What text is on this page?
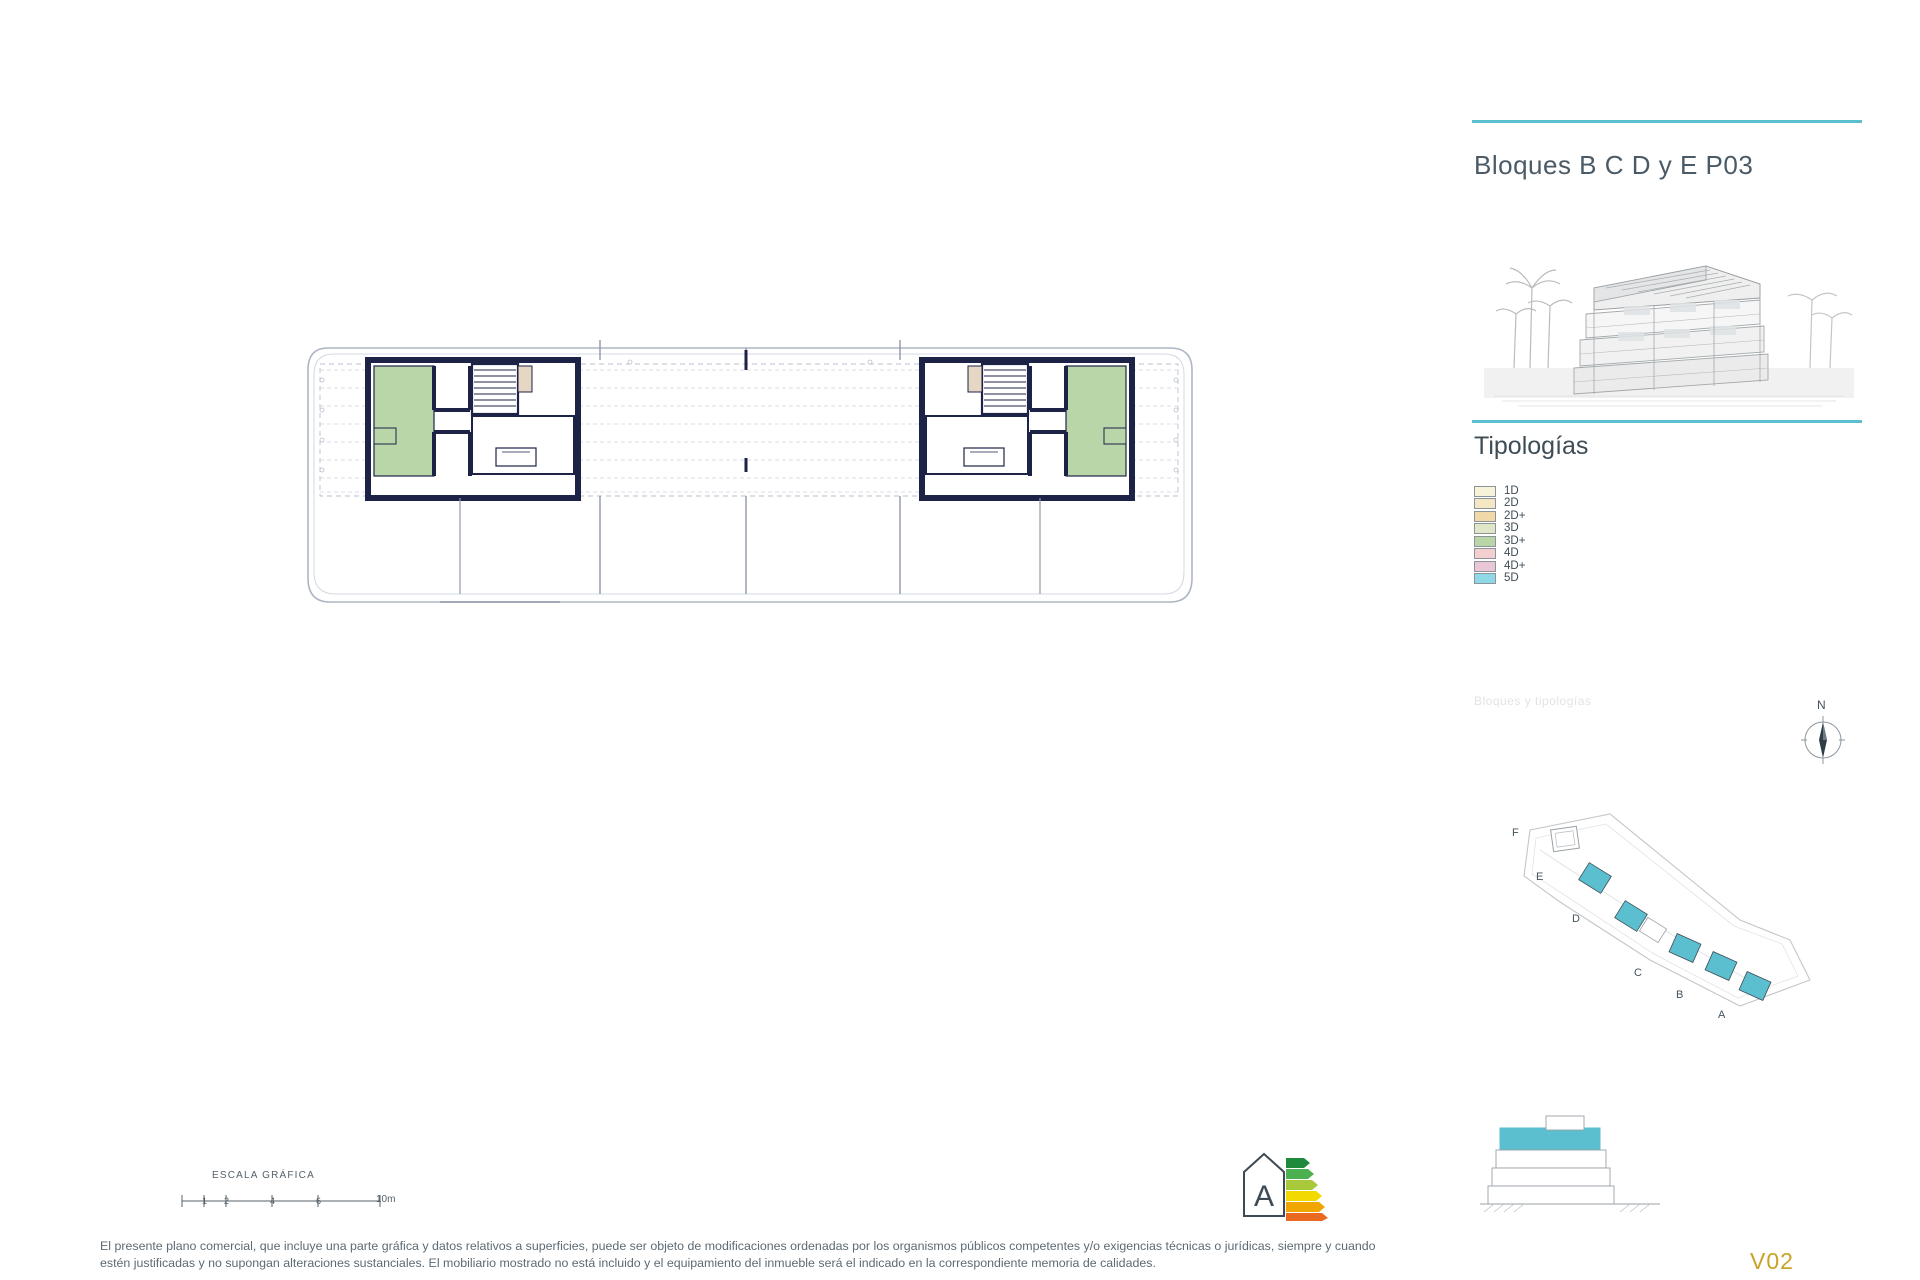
ESCALA GRÁFICA
1 2	4	6	10m	A
El presente plano comercial, que incluye una parte gráfica y datos relativos a superficies, puede ser objeto de modificaciones ordenadas por los organismos públicos competentes y/o exigencias técnicas o jurídicas, siempre y cuando estén justificadas y no supongan alteraciones sustanciales. El mobiliario mostrado no está incluido y el equipamiento del inmueble será el indicado en la correspondiente memoria de calidades.
Bloques B C D y E P03
Tipologías
1D
2D
2D+
3D
3D+
4D
4D+
5D
Bloques y tipologías	N
F
E
D
C
B
A
V02
